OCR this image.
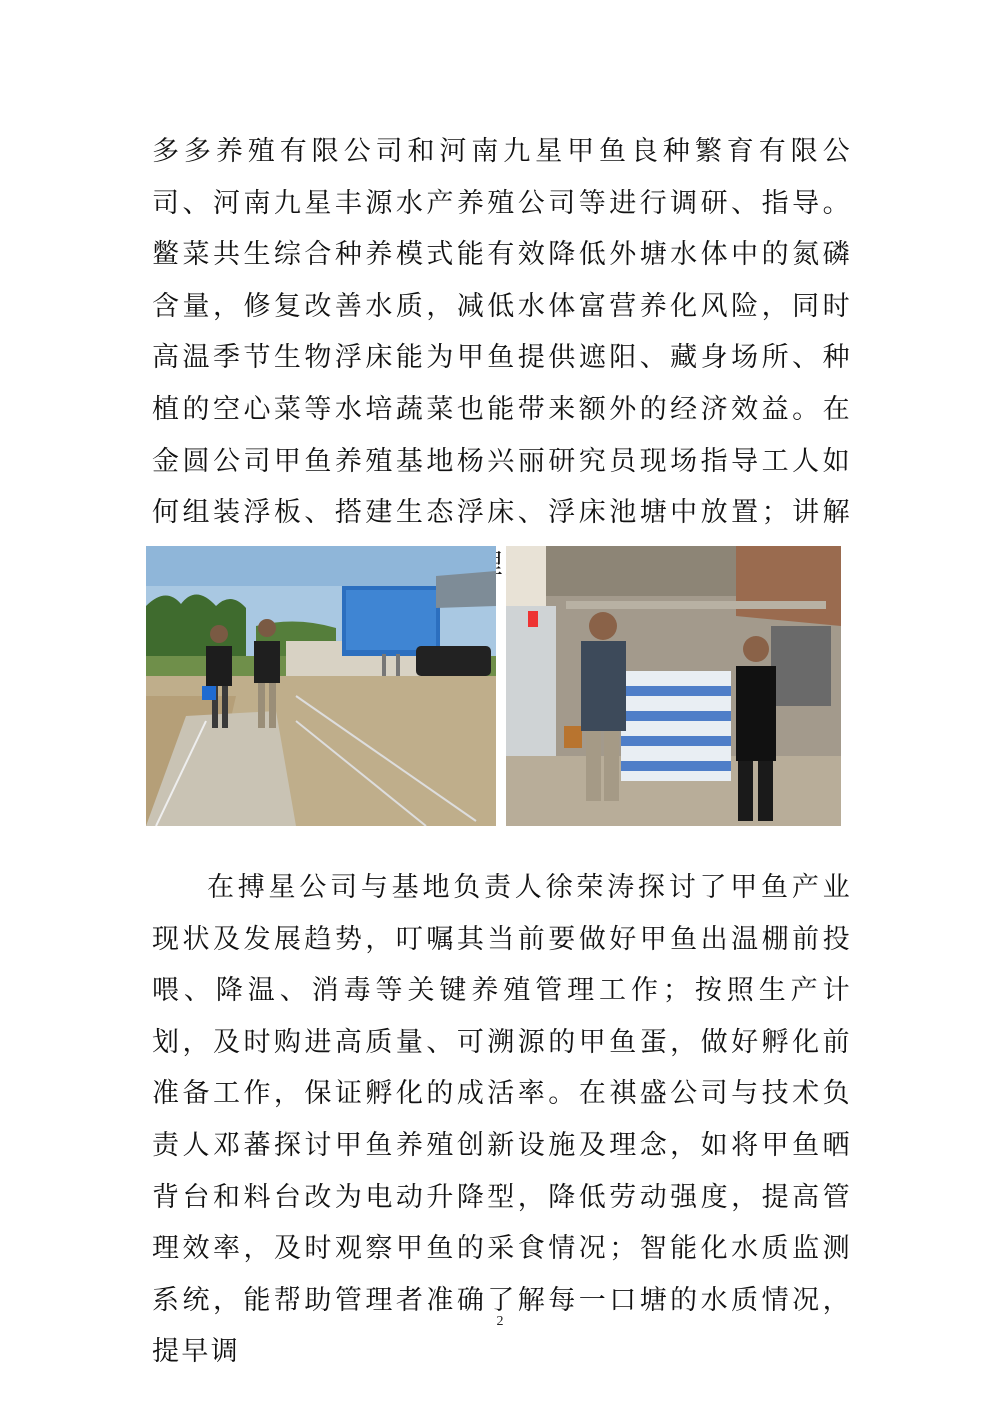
多多养殖有限公司和河南九星甲鱼良种繁育有限公司、河南九星丰源水产养殖公司等进行调研、指导。鳖菜共生综合种养模式能有效降低外塘水体中的氮磷含量，修复改善水质，减低水体富营养化风险，同时高温季节生物浮床能为甲鱼提供遮阳、藏身场所、种植的空心菜等水培蔬菜也能带来额外的经济效益。在金圆公司甲鱼养殖基地杨兴丽研究员现场指导工人如何组装浮板、搭建生态浮床、浮床池塘中放置；讲解 理要

在搏星公司与基地负责人徐荣涛探讨了甲鱼产业现状及发展趋势，叮嘱其当前要做好甲鱼出温棚前投喂、降温、消毒等关键养殖管理工作；按照生产计划，及时购进高质量、可溯源的甲鱼蛋，做好孵化前准备工作，保证孵化的成活率。在祺盛公司与技术负责人邓蕃探讨甲鱼养殖创新设施及理念，如将甲鱼晒背台和料台改为电动升降型，降低劳动强度，提高管理效率，及时观察甲鱼的采食情况；智能化水质监测系统，能帮助管理者准确了解每一口塘的水质情况，提早调

2
